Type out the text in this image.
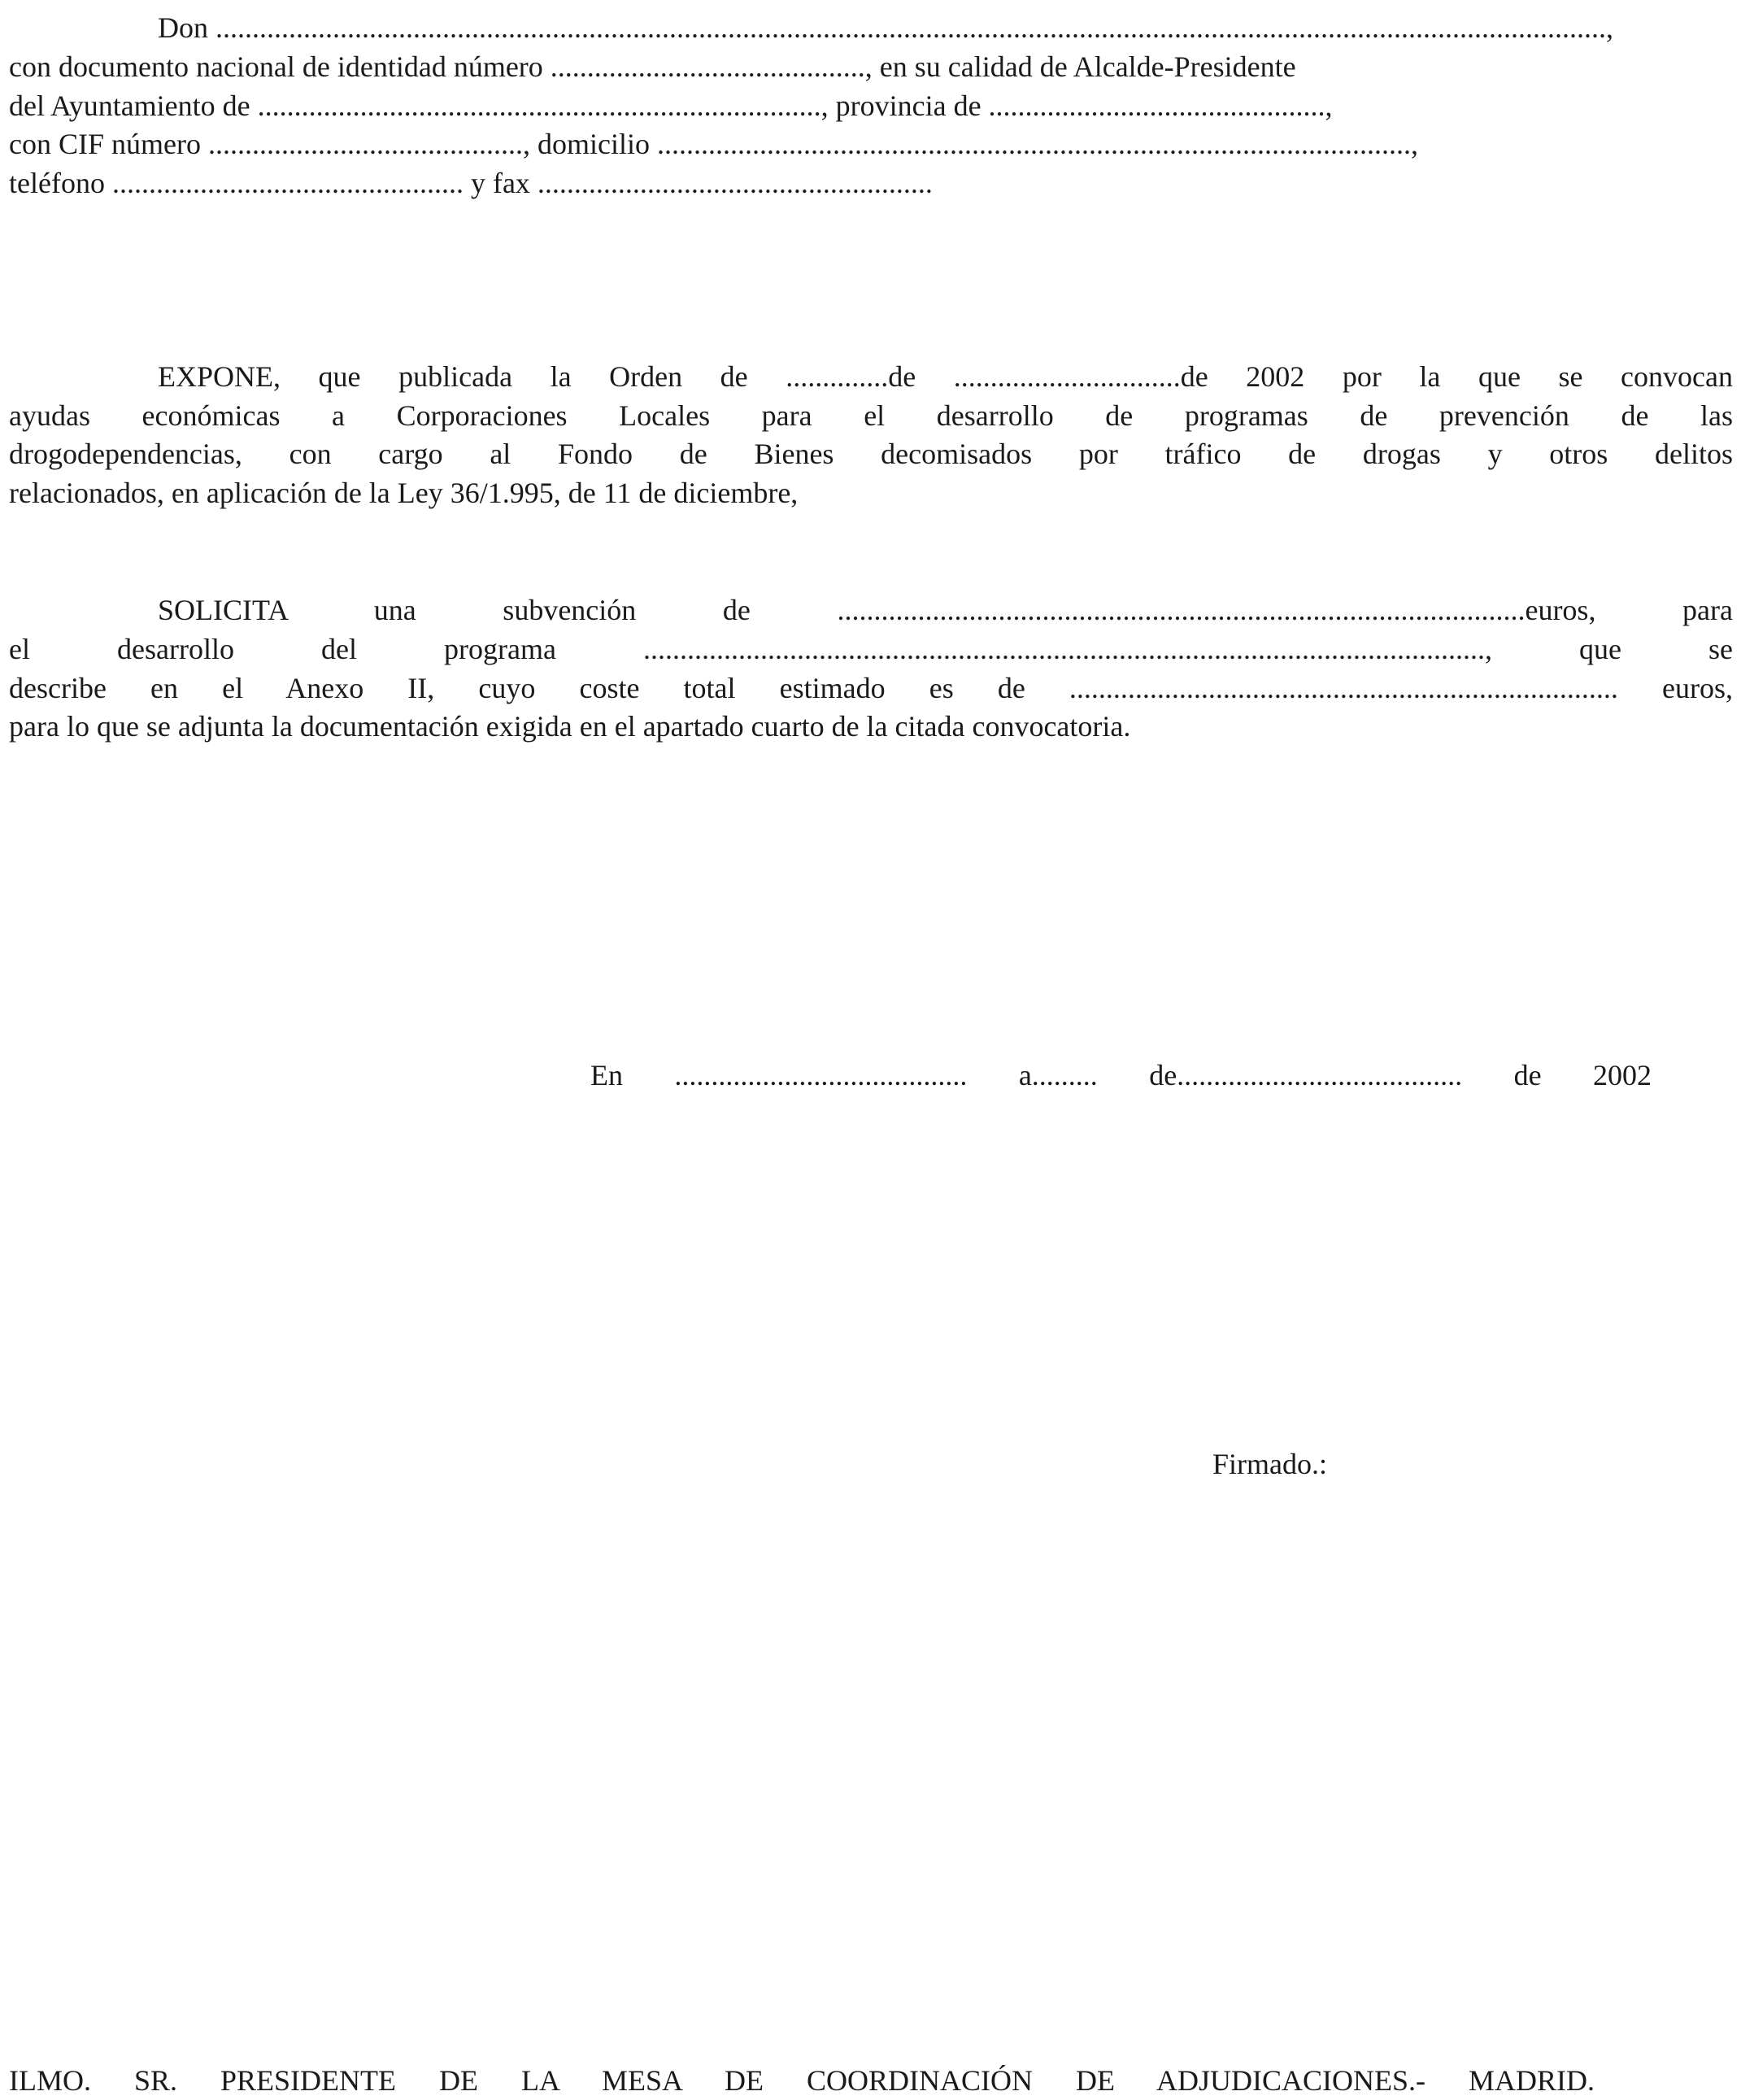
Don ..............................................................................................................................................................................................,
con documento nacional de identidad número ..........................................., en su calidad de Alcalde-Presidente
del Ayuntamiento de ............................................................................., provincia de ..............................................,
con CIF número ..........................................., domicilio .......................................................................................................,
teléfono ................................................ y fax ......................................................
EXPONE, que publicada la Orden de ..............de ...............................de 2002 por la que se convocan
ayudas económicas a Corporaciones Locales para el desarrollo de programas de prevención de las
drogodependencias, con cargo al Fondo de Bienes decomisados por tráfico de drogas y otros delitos
relacionados, en aplicación de la Ley 36/1.995, de 11 de diciembre,
SOLICITA una subvención de ..............................................................................................euros, para
el desarrollo del programa ..................................................................................................................., que se
describe en el Anexo II, cuyo coste total estimado es de ........................................................................... euros,
para lo que se adjunta la documentación exigida en el apartado cuarto de la citada convocatoria.
En ........................................ a......... de....................................... de 2002
Firmado.:
ILMO. SR. PRESIDENTE DE LA MESA DE COORDINACIÓN DE ADJUDICACIONES.- MADRID.
